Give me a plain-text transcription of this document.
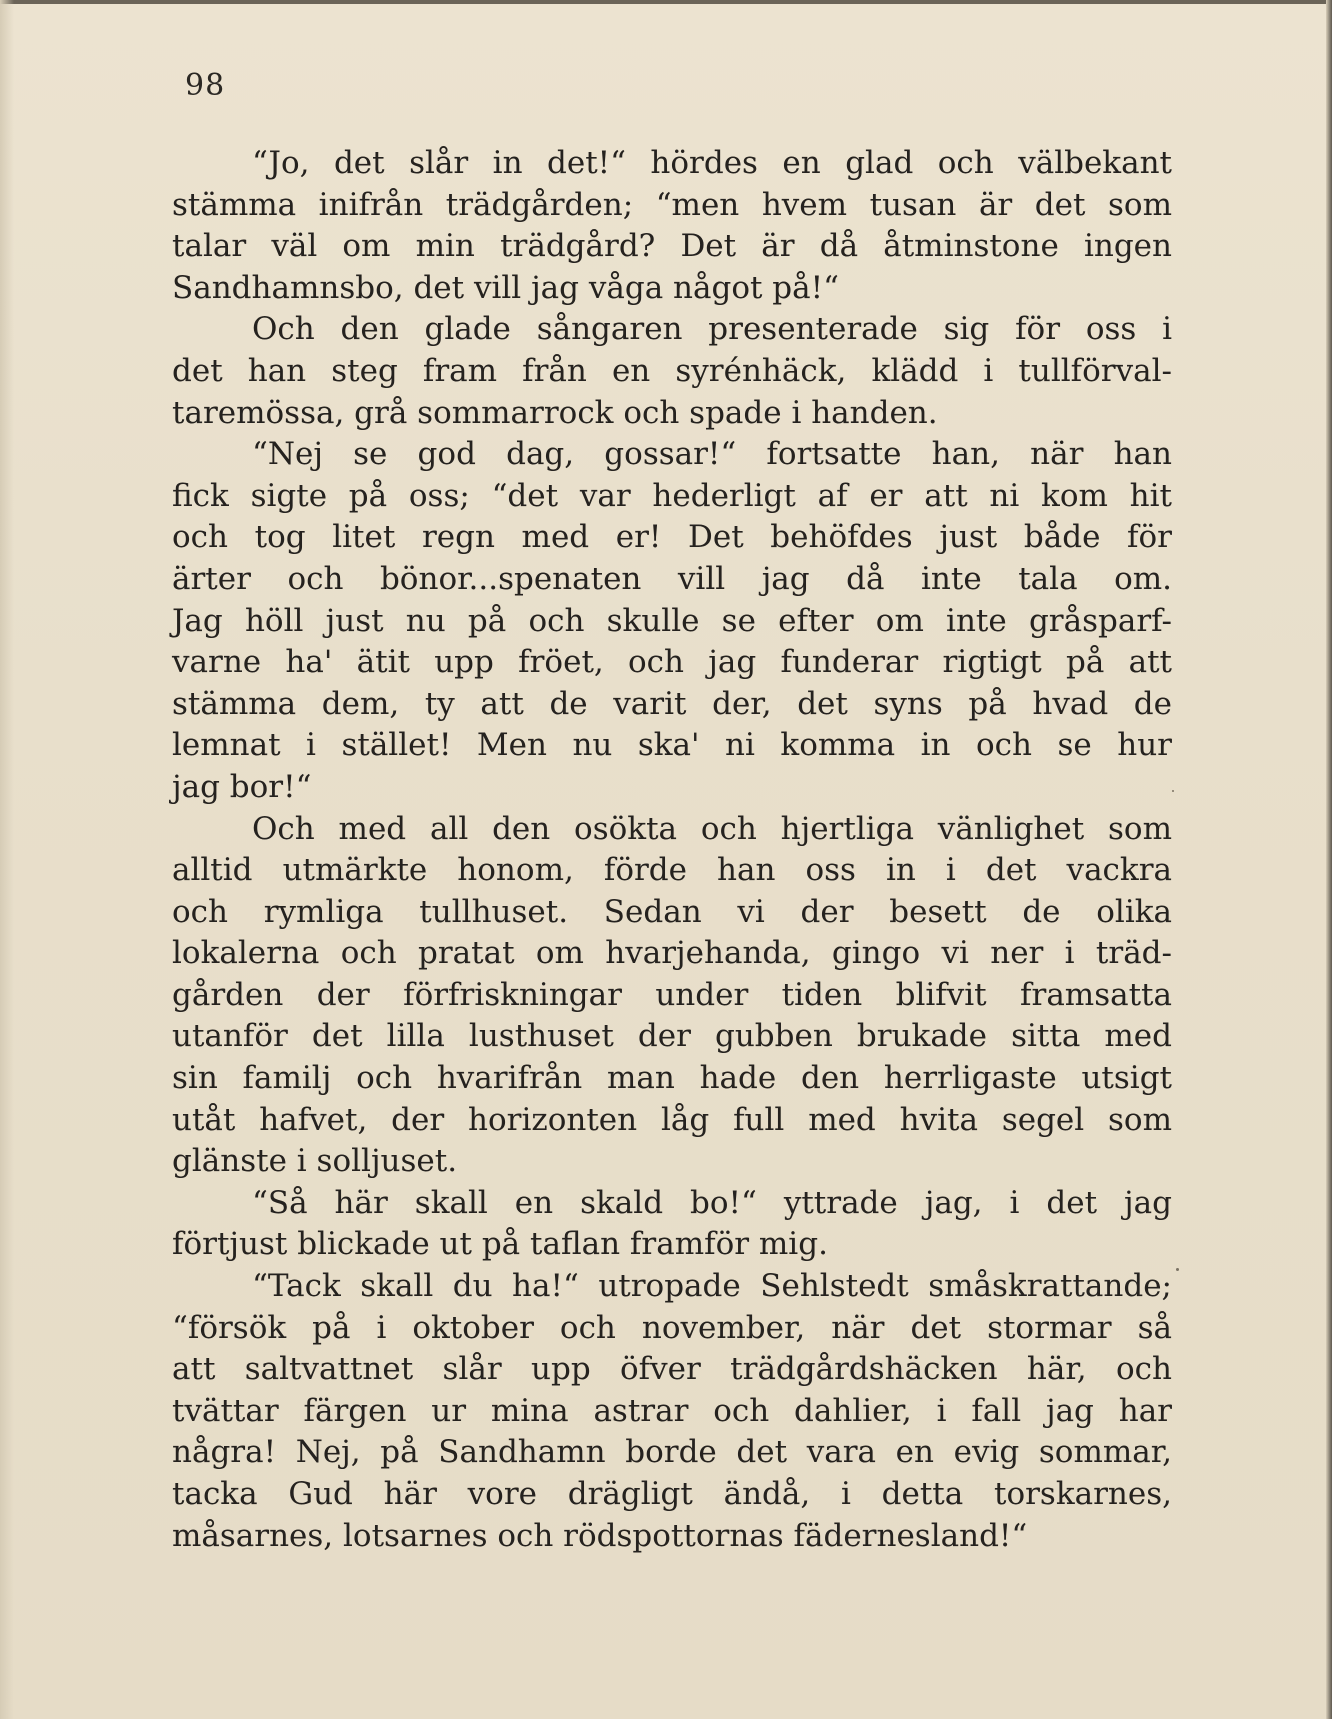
98
“Jo, det slår in det!“ hördes en glad och välbekant
stämma inifrån trädgården; “men hvem tusan är det som
talar väl om min trädgård? Det är då åtminstone ingen
Sandhamnsbo, det vill jag våga något på!“
Och den glade sångaren presenterade sig för oss i
det han steg fram från en syrénhäck, klädd i tullförval-
taremössa, grå sommarrock och spade i handen.
“Nej se god dag, gossar!“ fortsatte han, när han
fick sigte på oss; “det var hederligt af er att ni kom hit
och tog litet regn med er! Det behöfdes just både för
ärter och bönor...spenaten vill jag då inte tala om.
Jag höll just nu på och skulle se efter om inte gråsparf-
varne ha' ätit upp fröet, och jag funderar rigtigt på att
stämma dem, ty att de varit der, det syns på hvad de
lemnat i stället! Men nu ska' ni komma in och se hur
jag bor!“
Och med all den osökta och hjertliga vänlighet som
alltid utmärkte honom, förde han oss in i det vackra
och rymliga tullhuset. Sedan vi der besett de olika
lokalerna och pratat om hvarjehanda, gingo vi ner i träd-
gården der förfriskningar under tiden blifvit framsatta
utanför det lilla lusthuset der gubben brukade sitta med
sin familj och hvarifrån man hade den herrligaste utsigt
utåt hafvet, der horizonten låg full med hvita segel som
glänste i solljuset.
“Så här skall en skald bo!“ yttrade jag, i det jag
förtjust blickade ut på taflan framför mig.
“Tack skall du ha!“ utropade Sehlstedt småskrattande;
“försök på i oktober och november, när det stormar så
att saltvattnet slår upp öfver trädgårdshäcken här, och
tvättar färgen ur mina astrar och dahlier, i fall jag har
några! Nej, på Sandhamn borde det vara en evig sommar,
tacka Gud här vore drägligt ändå, i detta torskarnes,
måsarnes, lotsarnes och rödspottornas fädernesland!“
